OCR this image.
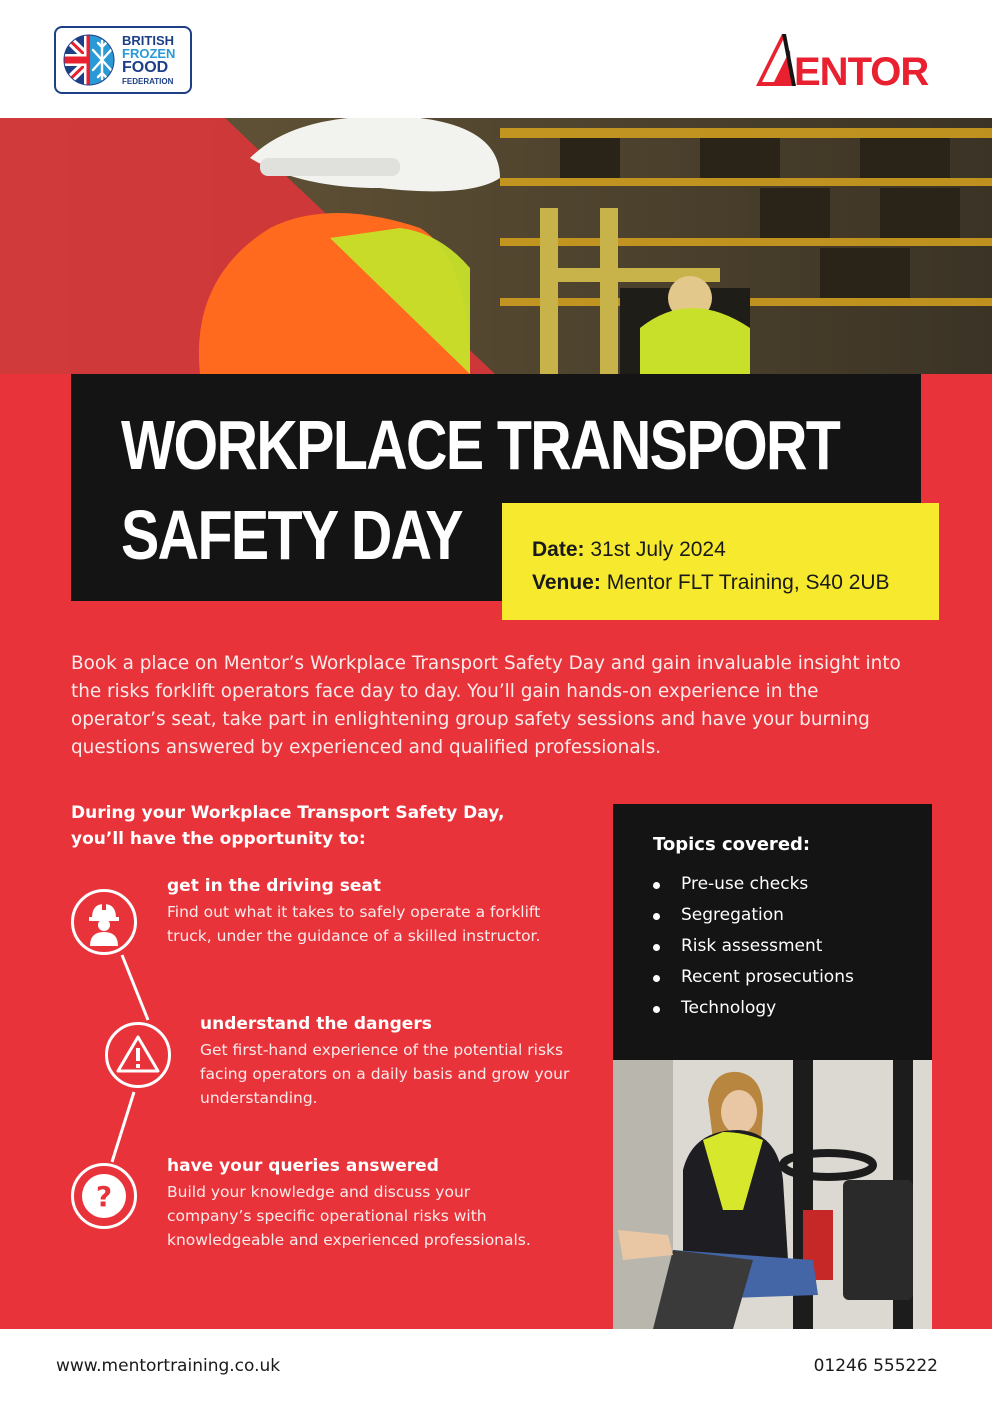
BRITISH
FROZEN
FOOD
FEDERATION	ENTOR
WORKPLACE TRANSPORT
SAFETY DAY	Date: 31st July 2024
Venue: Mentor FLT Training, S40 2UB

Book a place on Mentor’s Workplace Transport Safety Day and gain invaluable insight into the risks forklift operators face day to day. You’ll gain hands-on experience in the operator’s seat, take part in enlightening group safety sessions and have your burning questions answered by experienced and qualified professionals.

During your Workplace Transport Safety Day, you’ll have the opportunity to:

get in the driving seat
Find out what it takes to safely operate a forklift truck, under the guidance of a skilled instructor.
understand the dangers
Get first-hand experience of the potential risks facing operators on a daily basis and grow your understanding.
?
have your queries answered
Build your knowledge and discuss your company’s specific operational risks with knowledgeable and experienced professionals.
Topics covered:
Pre-use checks
Segregation
Risk assessment
Recent prosecutions
Technology
www.mentortraining.co.uk	01246 555222
